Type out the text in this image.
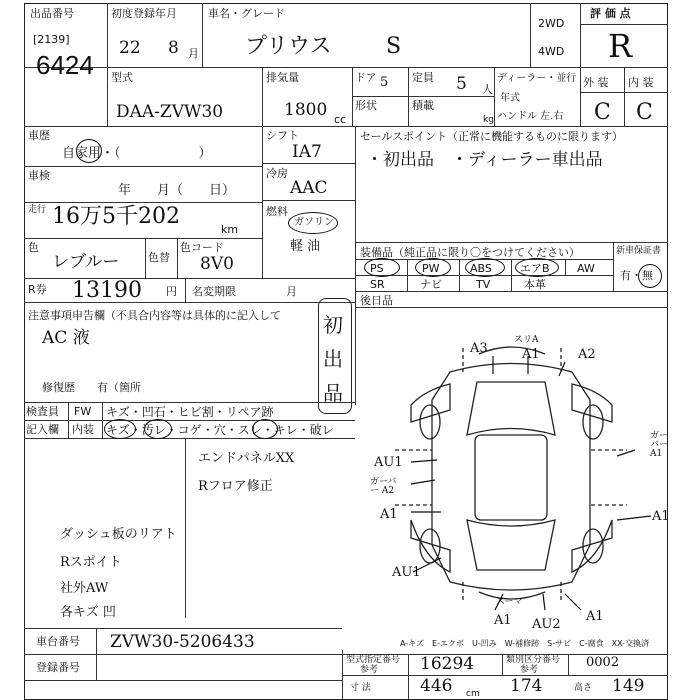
出品番号
[2139]
6424
初度登録年月
22 8 月
車名・グレード
プリウス S
2WD
4WD
評 価 点
R
外 装 内 装
C C
型式
DAA-ZVW30
排気量
1800 cc
ドア 5
形状
定員 5 人
積載
kg
ディーラー・並行
年式
ハンドル 左.右
車歴
自家用・（　　　　　　）
車検
年　　月（　　日）
走行 16万5千202
km
色
レブルー	色替
色コード
8V0
シフト
IA7
冷房
AAC
燃料
ガソリン
軽 油
R券 13190 円 名変期限	月
セールスポイント（正常に機能するものに限ります）
・初出品　・ディーラー車出品
装備品（純正品に限り〇をつけてください）
PS	PW	ABS	エアB AW
SR	ナビ	TV	本革
新車保証書
有・無
後日品
注意事項申告欄（不具合内容等は具体的に記入して
AC 液
修復歴　　有（箇所
初出品
検査員
記入欄
FW
内装
キズ・凹石・ヒビ割・リペア跡
キズ・汚レ・コゲ・穴・スレ・キレ・破レ
エンドパネルXX
Rフロア修正
ダッシュ板のリアト
Rスポイト
社外AW
各キズ 凹
A3
スリA
A1	A2
ガーバー A1
AU1
ガーバー A2
A1	A1
AU1
スーマ
A1 AU2
A1
A-キズ　E-エクボ　U-凹み　W-補修跡　S-サビ　C-腐食　XX-交換済
車台番号 ZVW30-5206433
登録番号
型式指定番号
参考 16294	類別区分番号
参考	0002
寸 法	446 cm 174	高さ 149
